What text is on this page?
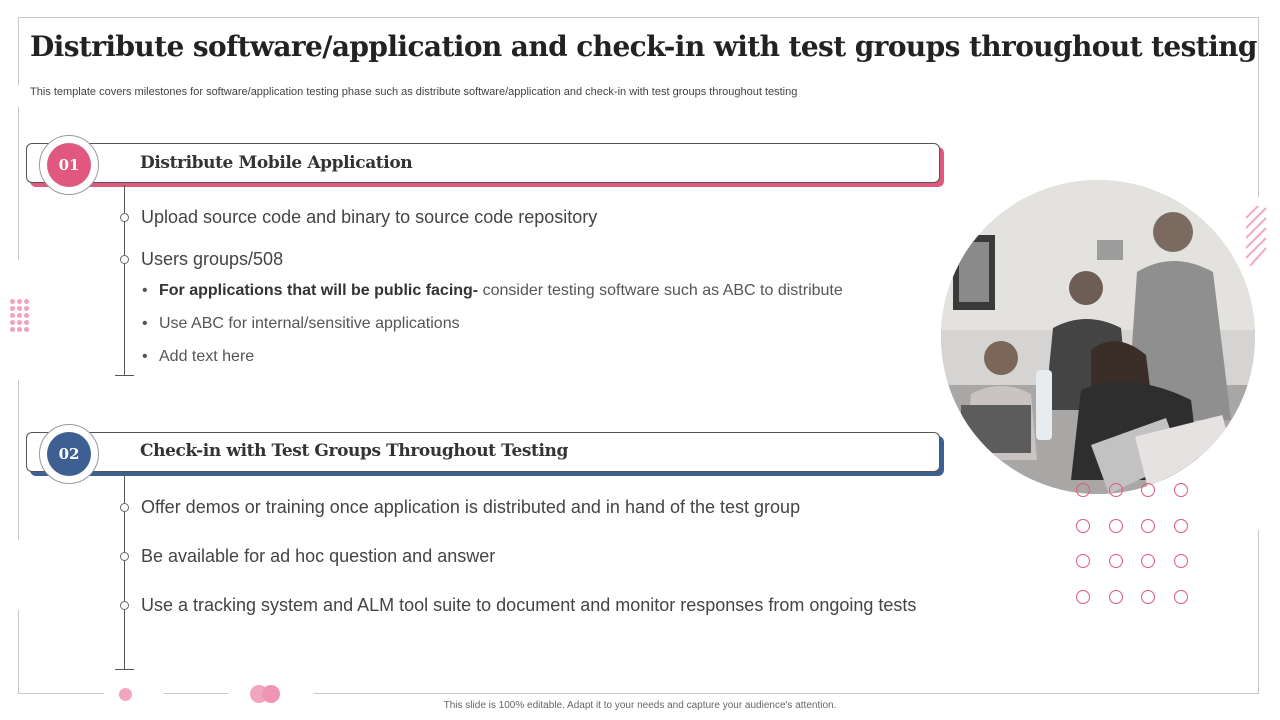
Distribute software/application and check-in with test groups throughout testing

This template covers milestones for software/application testing phase such as distribute software/application and check-in with test groups throughout testing

01	Distribute Mobile Application
Upload source code and binary to source code repository
Users groups/508
• For applications that will be public facing- consider testing software such as ABC to distribute
• Use ABC for internal/sensitive applications
• Add text here
02	Check-in with Test Groups Throughout Testing
Offer demos or training once application is distributed and in hand of the test group
Be available for ad hoc question and answer
Use a tracking system and ALM tool suite to document and monitor responses from ongoing tests
This slide is 100% editable. Adapt it to your needs and capture your audience's attention.
